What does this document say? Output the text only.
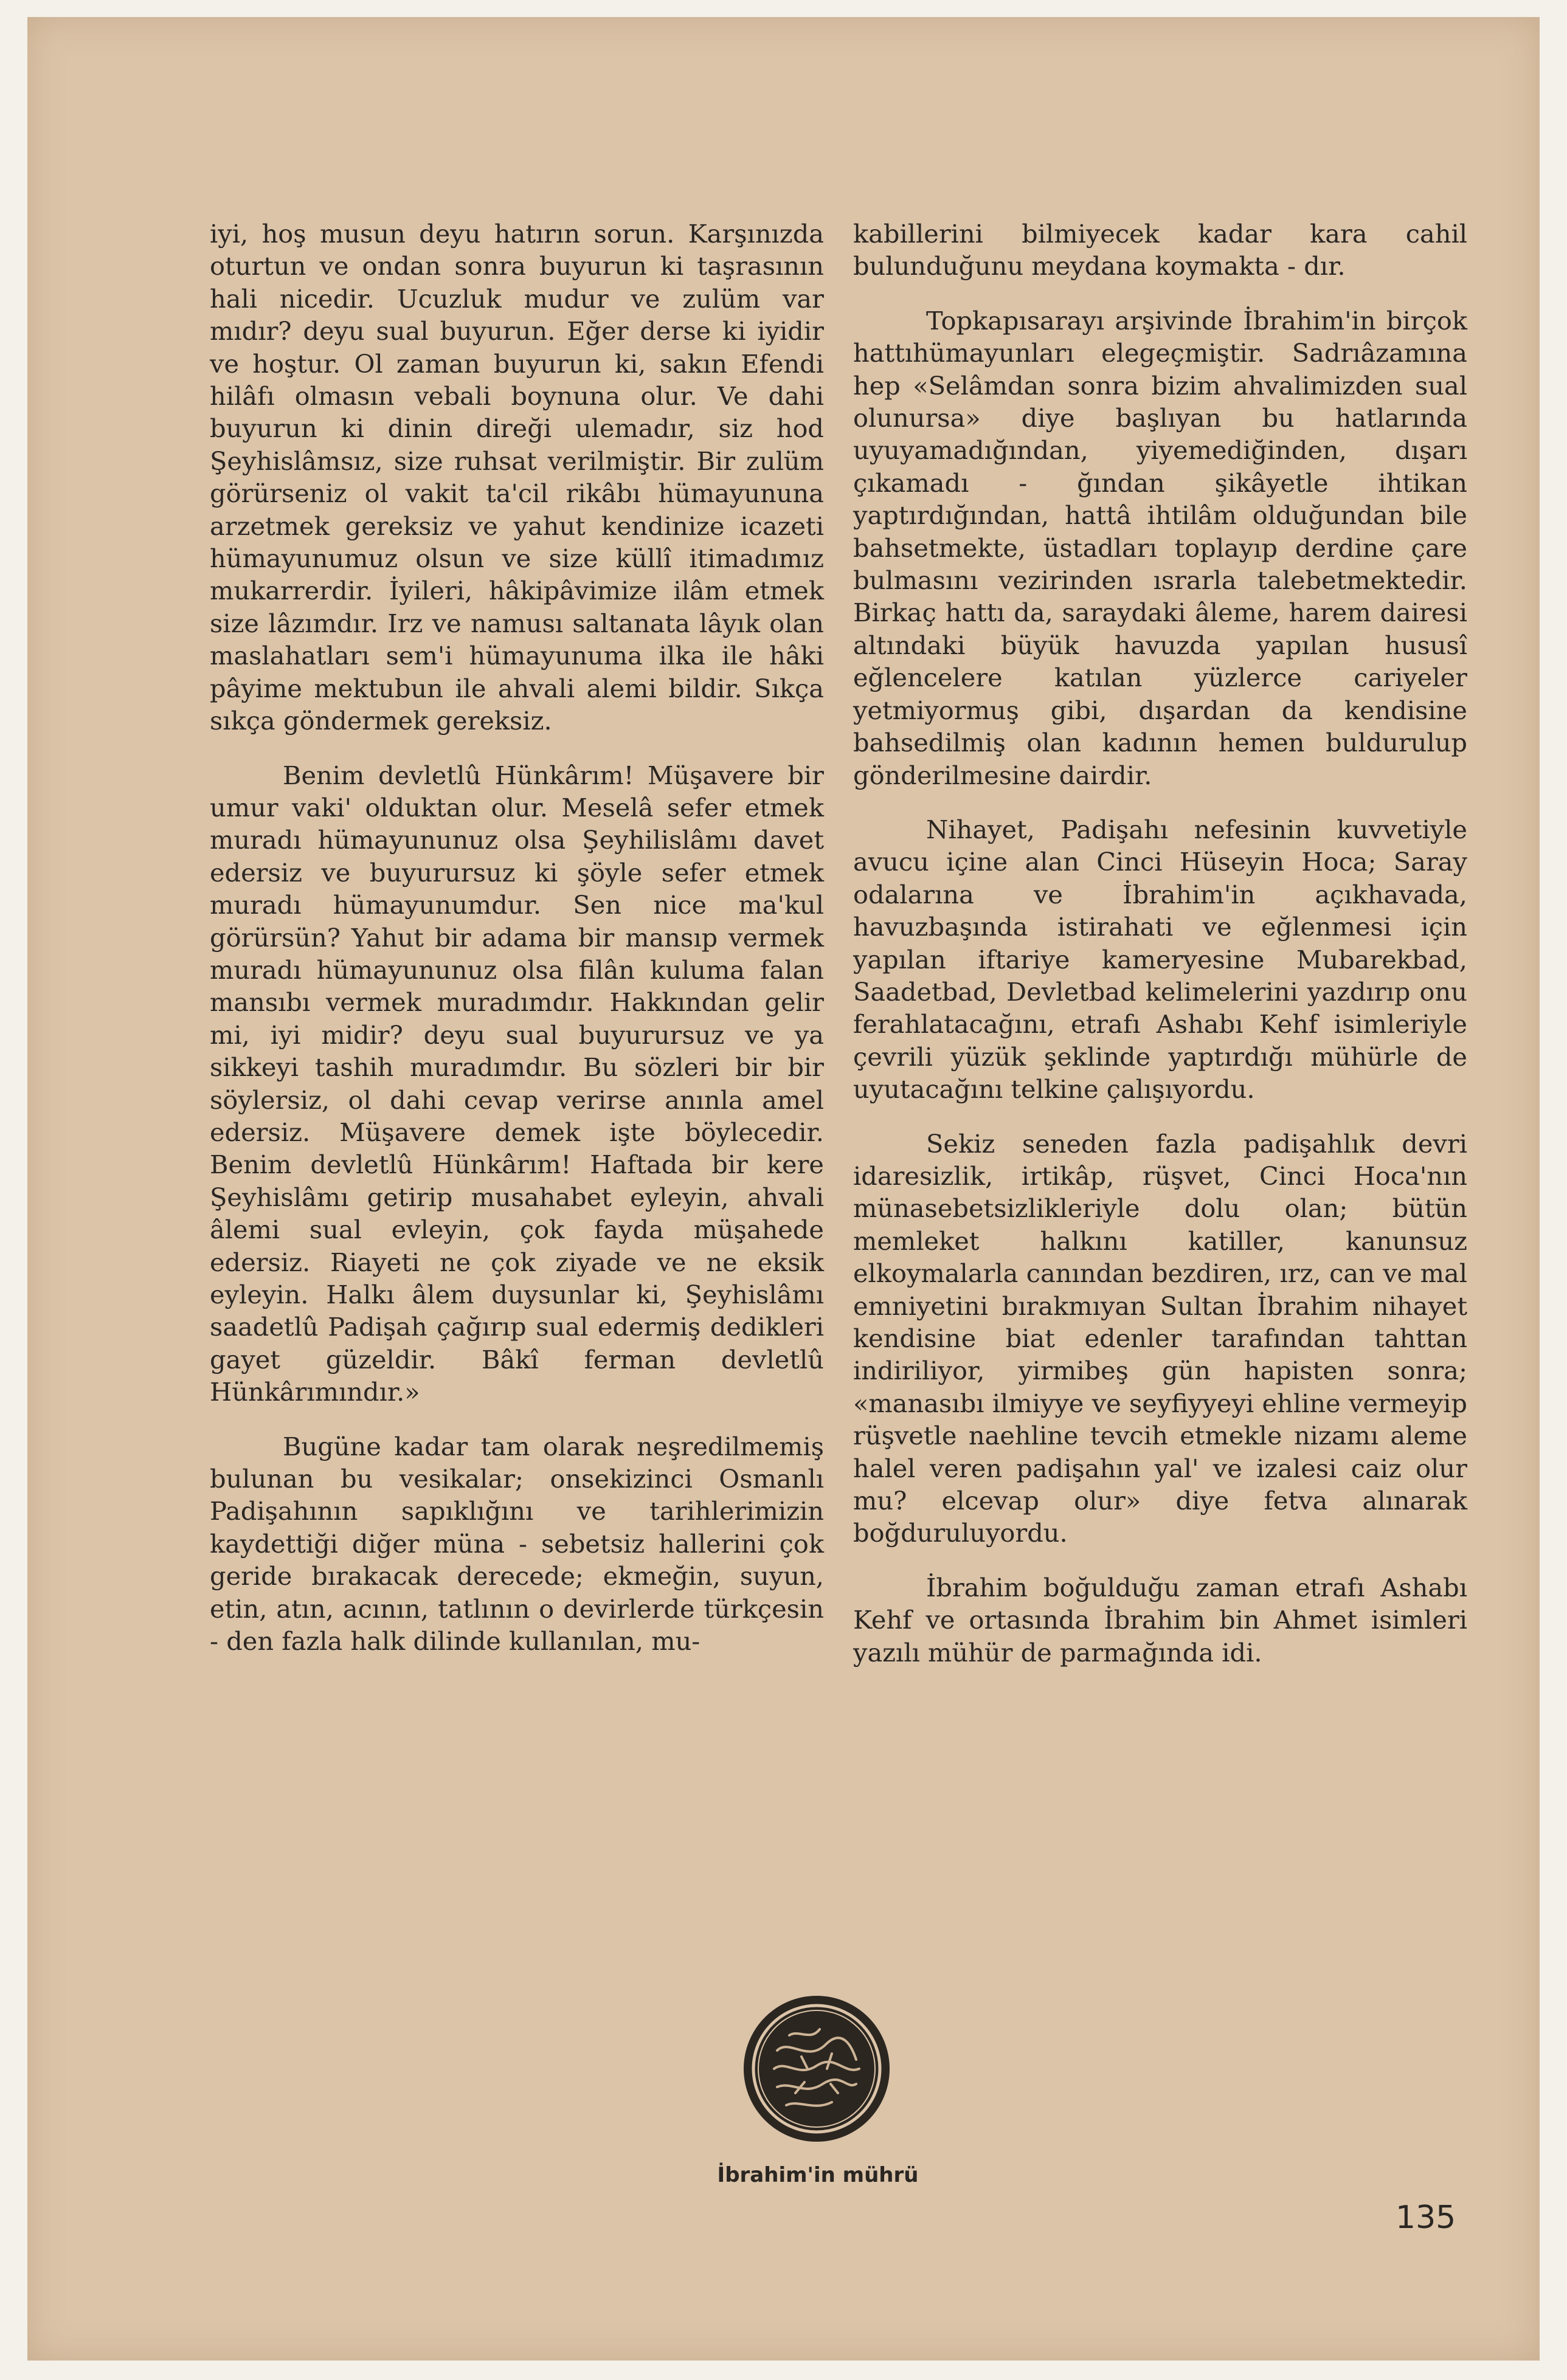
iyi, hoş musun deyu hatırın sorun. Karşınızda oturtun ve ondan sonra buyurun ki taşrasının hali nicedir. Ucuzluk mudur ve zulüm var mıdır? deyu sual buyurun. Eğer derse ki iyidir ve hoştur. Ol zaman buyurun ki, sakın Efendi hilâfı olmasın vebali boynuna olur. Ve dahi buyurun ki dinin direği ulemadır, siz hod Şeyhislâmsız, size ruhsat verilmiştir. Bir zulüm görürseniz ol vakit ta'cil rikâbı hümayununa arzetmek gereksiz ve yahut kendinize icazeti hümayunumuz olsun ve size küllî itimadımız mukarrerdir. İyileri, hâkipâvimize ilâm etmek size lâzımdır. Irz ve namusı saltanata lâyık olan maslahatları sem'i hümayunuma ilka ile hâki pâyime mektubun ile ahvali alemi bildir. Sıkça sıkça göndermek gereksiz.

Benim devletlû Hünkârım! Müşavere bir umur vaki' olduktan olur. Meselâ sefer etmek muradı hümayununuz olsa Şeyhilislâmı davet edersiz ve buyurursuz ki şöyle sefer etmek muradı hümayunumdur. Sen nice ma'kul görürsün? Yahut bir adama bir mansıp vermek muradı hümayununuz olsa filân kuluma falan mansıbı vermek muradımdır. Hakkından gelir mi, iyi midir? deyu sual buyurursuz ve ya sikkeyi tashih muradımdır. Bu sözleri bir bir söylersiz, ol dahi cevap verirse anınla amel edersiz. Müşavere demek işte böylecedir. Benim devletlû Hünkârım! Haftada bir kere Şeyhislâmı getirip musahabet eyleyin, ahvali âlemi sual evleyin, çok fayda müşahede edersiz. Riayeti ne çok ziyade ve ne eksik eyleyin. Halkı âlem duysunlar ki, Şeyhislâmı saadetlû Padişah çağırıp sual edermiş dedikleri gayet güzeldir. Bâkî ferman devletlû Hünkârımındır.»

Bugüne kadar tam olarak neşredilmemiş bulunan bu vesikalar; onsekizinci Osmanlı Padişahının sapıklığını ve tarihlerimizin kaydettiği diğer müna - sebetsiz hallerini çok geride bırakacak derecede; ekmeğin, suyun, etin, atın, acının, tatlının o devirlerde türkçesin - den fazla halk dilinde kullanılan, mu-

kabillerini bilmiyecek kadar kara cahil bulunduğunu meydana koymakta - dır.

Topkapısarayı arşivinde İbrahim'in birçok hattıhümayunları elegeçmiştir. Sadrıâzamına hep «Selâmdan sonra bizim ahvalimizden sual olunursa» diye başlıyan bu hatlarında uyuyamadığından, yiyemediğinden, dışarı çıkamadı - ğından şikâyetle ihtikan yaptırdığından, hattâ ihtilâm olduğundan bile bahsetmekte, üstadları toplayıp derdine çare bulmasını vezirinden ısrarla talebetmektedir. Birkaç hattı da, saraydaki âleme, harem dairesi altındaki büyük havuzda yapılan hususî eğlencelere katılan yüzlerce cariyeler yetmiyormuş gibi, dışardan da kendisine bahsedilmiş olan kadının hemen buldurulup gönderilmesine dairdir.

Nihayet, Padişahı nefesinin kuvvetiyle avucu içine alan Cinci Hüseyin Hoca; Saray odalarına ve İbrahim'in açıkhavada, havuzbaşında istirahati ve eğlenmesi için yapılan iftariye kameryesine Mubarekbad, Saadetbad, Devletbad kelimelerini yazdırıp onu ferahlatacağını, etrafı Ashabı Kehf isimleriyle çevrili yüzük şeklinde yaptırdığı mühürle de uyutacağını telkine çalışıyordu.

Sekiz seneden fazla padişahlık devri idaresizlik, irtikâp, rüşvet, Cinci Hoca'nın münasebetsizlikleriyle dolu olan; bütün memleket halkını katiller, kanunsuz elkoymalarla canından bezdiren, ırz, can ve mal emniyetini bırakmıyan Sultan İbrahim nihayet kendisine biat edenler tarafından tahttan indiriliyor, yirmibeş gün hapisten sonra; «manasıbı ilmiyye ve seyfiyyeyi ehline vermeyip rüşvetle naehline tevcih etmekle nizamı aleme halel veren padişahın yal' ve izalesi caiz olur mu? elcevap olur» diye fetva alınarak boğduruluyordu.

İbrahim boğulduğu zaman etrafı Ashabı Kehf ve ortasında İbrahim bin Ahmet isimleri yazılı mühür de parmağında idi.

İbrahim'in mührü
135
